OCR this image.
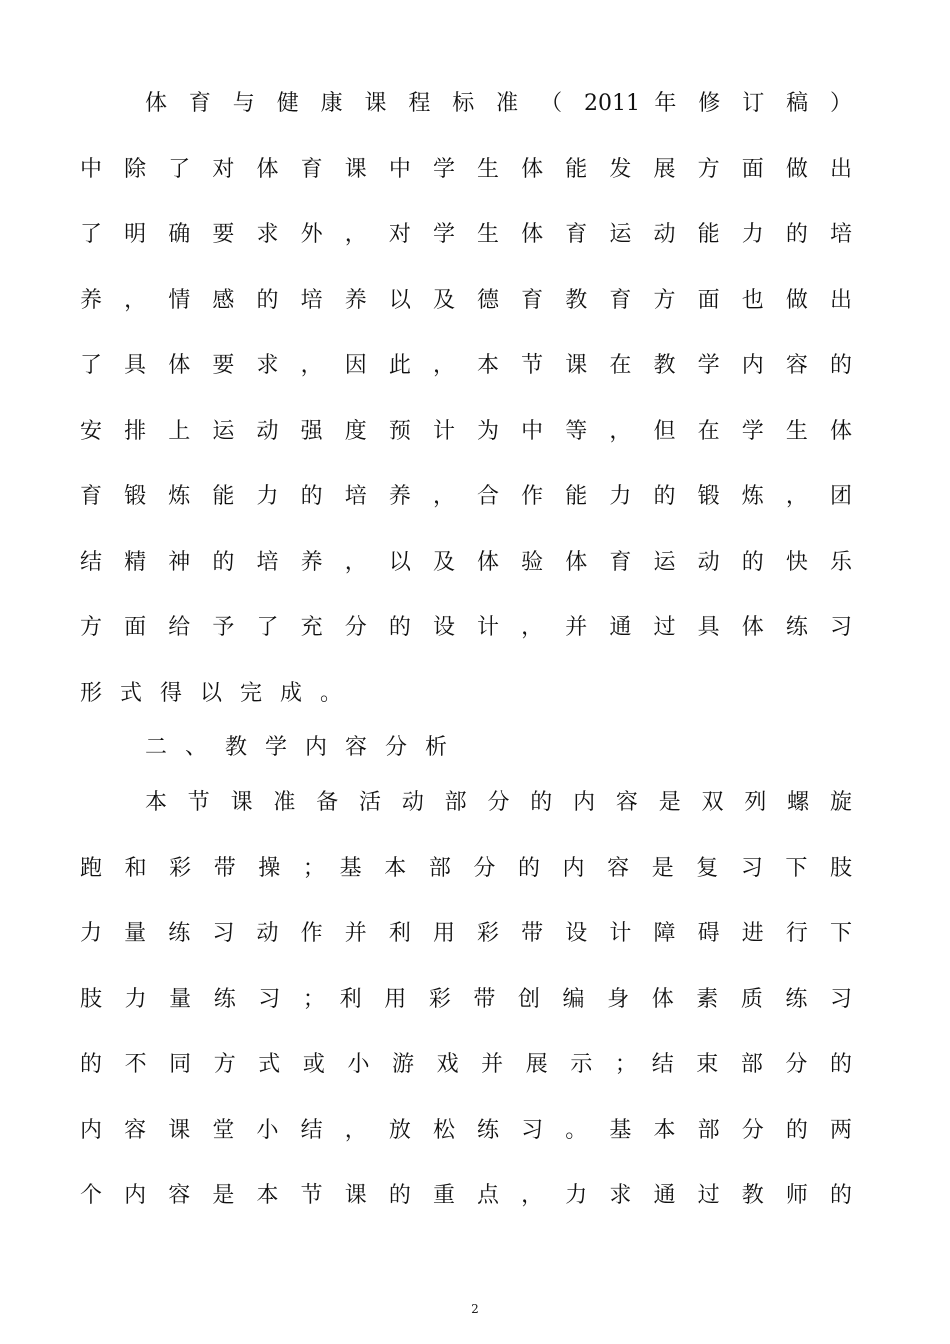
体 育 与 健 康 课 程 标 准 （ 2011 年 修 订 稿 ）
中 除 了 对 体 育 课 中 学 生 体 能 发 展 方 面 做 出
了 明 确 要 求 外 ， 对 学 生 体 育 运 动 能 力 的 培
养 ， 情 感 的 培 养 以 及 德 育 教 育 方 面 也 做 出
了 具 体 要 求 ， 因 此 ， 本 节 课 在 教 学 内 容 的
安 排 上 运 动 强 度 预 计 为 中 等 ， 但 在 学 生 体
育 锻 炼 能 力 的 培 养 ， 合 作 能 力 的 锻 炼 ， 团
结 精 神 的 培 养 ， 以 及 体 验 体 育 运 动 的 快 乐
方 面 给 予 了 充 分 的 设 计 ， 并 通 过 具 体 练 习
形式得以完成。
二、教学内容分析
本 节 课 准 备 活 动 部 分 的 内 容 是 双 列 螺 旋
跑 和 彩 带 操 ； 基 本 部 分 的 内 容 是 复 习 下 肢
力 量 练 习 动 作 并 利 用 彩 带 设 计 障 碍 进 行 下
肢 力 量 练 习 ； 利 用 彩 带 创 编 身 体 素 质 练 习
的 不 同 方 式 或 小 游 戏 并 展 示 ； 结 束 部 分 的
内 容 课 堂 小 结 ， 放 松 练 习 。 基 本 部 分 的 两
个 内 容 是 本 节 课 的 重 点 ， 力 求 通 过 教 师 的
2
